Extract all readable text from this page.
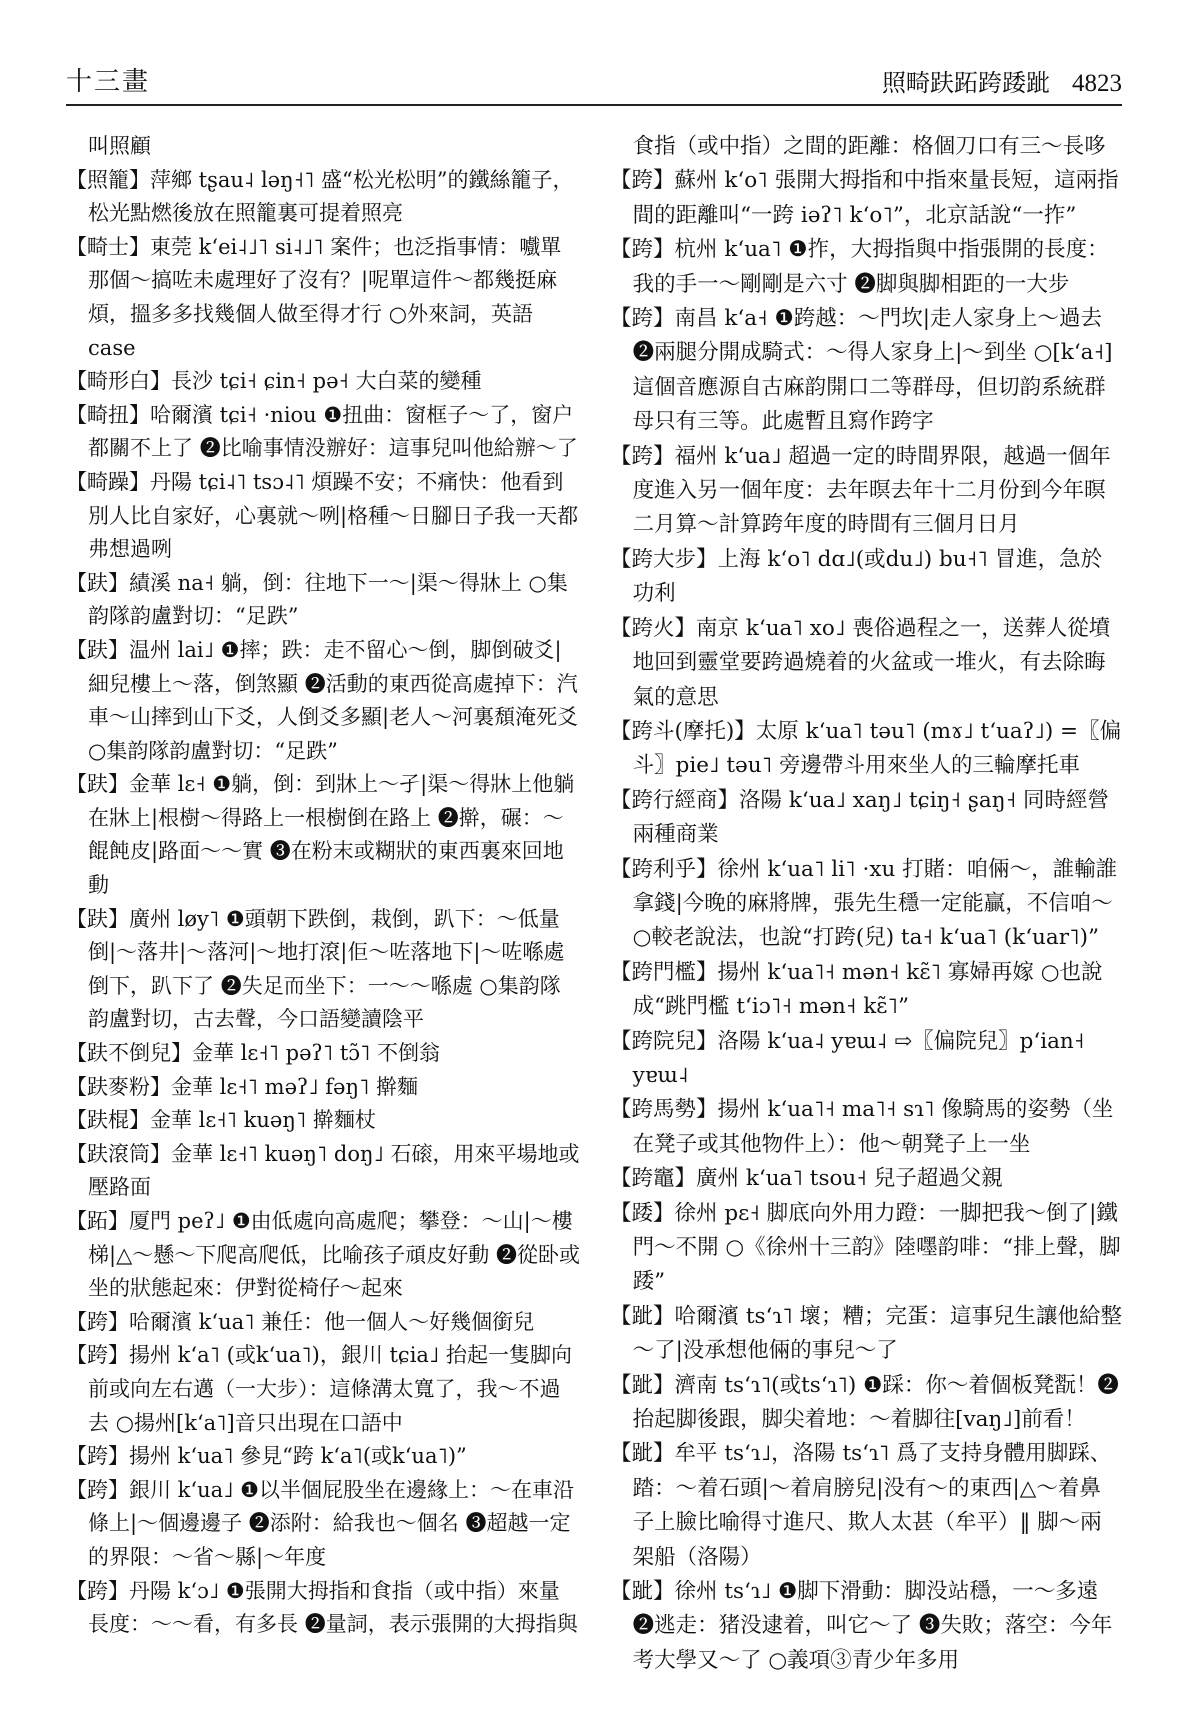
十三畫	照畸趺跖跨踒跐 4823

叫照顧

【照籠】萍鄉 tʂau˨ ləŋ˧˥ 盛“松光松明”的鐵絲籠子，松光點燃後放在照籠裏可提着照亮

【畸士】東莞 kʻei˨˩˥ si˨˩˥ 案件；也泛指事情：嚱單那個～搞咗未處理好了沒有？|呢單這件～都幾挺麻煩，搵多多找幾個人做至得才行 ○外來詞，英語 case

【畸形白】長沙 tɕi˧ ɕin˧ pə˧ 大白菜的變種

【畸扭】哈爾濱 tɕi˧ ·niou ❶扭曲：窗框子～了，窗户都關不上了 ❷比喻事情没辦好：這事兒叫他給辦～了

【畸躁】丹陽 tɕi˨˥ tsɔ˨˥ 煩躁不安；不痛快：他看到別人比自家好，心裏就～咧|格種～日腳日子我一天都弗想過咧

【趺】績溪 na˧ 躺，倒：往地下一～|渠～得牀上 ○集韵隊韵盧對切：“足跌”

【趺】温州 lai˩ ❶摔；跌：走不留心～倒，脚倒破爻|細兒樓上～落，倒煞顯 ❷活動的東西從高處掉下：汽車～山摔到山下爻，人倒爻多顯|老人～河裏頹淹死爻 ○集韵隊韵盧對切：“足跌”

【趺】金華 lɛ˧ ❶躺，倒：到牀上～孑|渠～得牀上他躺在牀上|根樹～得路上一根樹倒在路上 ❷擀，碾：～餛飩皮|路面～～實 ❸在粉末或糊狀的東西裏來回地動

【趺】廣州 løy˥ ❶頭朝下跌倒，栽倒，趴下：～低量倒|～落井|～落河|～地打滾|佢～咗落地下|～咗喺處倒下，趴下了 ❷失足而坐下：一～～喺處 ○集韵隊韵盧對切，古去聲，今口語變讀陰平

【趺不倒兒】金華 lɛ˧˥ pəʔ˥ tɔ̃˥ 不倒翁

【趺麥粉】金華 lɛ˧˥ məʔ˩ fəŋ˥ 擀麵

【趺棍】金華 lɛ˧˥ kuəŋ˥ 擀麵杖

【趺滾筒】金華 lɛ˧˥ kuəŋ˥ doŋ˩ 石磙，用來平場地或壓路面

【跖】厦門 peʔ˩ ❶由低處向高處爬；攀登：～山|～樓梯|△～懸～下爬高爬低，比喻孩子頑皮好動 ❷從卧或坐的狀態起來：伊對從椅仔～起來

【跨】哈爾濱 kʻua˥ 兼任：他一個人～好幾個銜兒

【跨】揚州 kʻa˥ (或kʻua˥)，銀川 tɕia˩ 抬起一隻脚向前或向左右邁（一大步）：這條溝太寬了，我～不過去 ○揚州[kʻa˥]音只出現在口語中

【跨】揚州 kʻua˥ 參見“跨 kʻa˥(或kʻua˥)”

【跨】銀川 kʻua˩ ❶以半個屁股坐在邊緣上：～在車沿條上|～個邊邊子 ❷添附：給我也～個名 ❸超越一定的界限：～省～縣|～年度

【跨】丹陽 kʻɔ˩ ❶張開大拇指和食指（或中指）來量長度：～～看，有多長 ❷量詞，表示張開的大拇指與

食指（或中指）之間的距離：格個刀口有三～長哆

【跨】蘇州 kʻo˥ 張開大拇指和中指來量長短，這兩指間的距離叫“一跨 iəʔ˥ kʻo˥”，北京話說“一拃”

【跨】杭州 kʻua˥ ❶拃，大拇指與中指張開的長度：我的手一～剛剛是六寸 ❷脚與脚相距的一大步

【跨】南昌 kʻa˧ ❶跨越：～門坎|走人家身上～過去 ❷兩腿分開成騎式：～得人家身上|～到坐 ○[kʻa˧]這個音應源自古麻韵開口二等群母，但切韵系統群母只有三等。此處暫且寫作跨字

【跨】福州 kʻua˩ 超過一定的時間界限，越過一個年度進入另一個年度：去年暝去年十二月份到今年暝二月算～計算跨年度的時間有三個月日月

【跨大步】上海 kʻo˥ dɑ˩(或du˩) bu˧˥ 冒進，急於功利

【跨火】南京 kʻua˥ xo˩ 喪俗過程之一，送葬人從墳地回到靈堂要跨過燒着的火盆或一堆火，有去除晦氣的意思

【跨斗(摩托)】太原 kʻua˥ təu˥ (mɤ˩ tʻuaʔ˩) =〖偏斗〗pie˩ təu˥ 旁邊帶斗用來坐人的三輪摩托車

【跨行經商】洛陽 kʻua˩ xaŋ˩ tɕiŋ˧ ʂaŋ˧ 同時經營兩種商業

【跨利乎】徐州 kʻua˥ li˥ ·xu 打賭：咱倆～，誰輸誰拿錢|今晚的麻將牌，張先生穩一定能贏，不信咱～ ○較老說法，也說“打跨(兒) ta˧ kʻua˥ (kʻuar˥)”

【跨門檻】揚州 kʻua˥˧ mən˧ kɛ̃˥ 寡婦再嫁 ○也說成“跳門檻 tʻiɔ˥˧ mən˧ kɛ̃˥”

【跨院兒】洛陽 kʻua˨ yɐɯ˨ ⇨〖偏院兒〗pʻian˧ yɐɯ˨

【跨馬勢】揚州 kʻua˥˧ ma˥˧ sɿ˥ 像騎馬的姿勢（坐在凳子或其他物件上）：他～朝凳子上一坐

【跨竈】廣州 kʻua˥ tsou˧ 兒子超過父親

【踒】徐州 pɛ˧ 脚底向外用力蹬：一脚把我～倒了|鐵門～不開 ○《徐州十三韵》陸嚜韵啡：“排上聲，脚踒”

【跐】哈爾濱 tsʻɿ˥ 壞；糟；完蛋：這事兒生讓他給整～了|没承想他倆的事兒～了

【跐】濟南 tsʻɿ˥(或tsʻɿ˥) ❶踩：你～着個板凳翫！❷抬起脚後跟，脚尖着地：～着脚往[vaŋ˩]前看！

【跐】牟平 tsʻɿ˩，洛陽 tsʻɿ˥ 爲了支持身體用脚踩、踏：～着石頭|～着肩膀兒|没有～的東西|△～着鼻子上臉比喻得寸進尺、欺人太甚（牟平）‖ 脚～兩架船（洛陽）

【跐】徐州 tsʻɿ˩ ❶脚下滑動：脚没站穩，一～多遠 ❷逃走：猪没逮着，叫它～了 ❸失敗；落空：今年考大學又～了 ○義項③青少年多用
